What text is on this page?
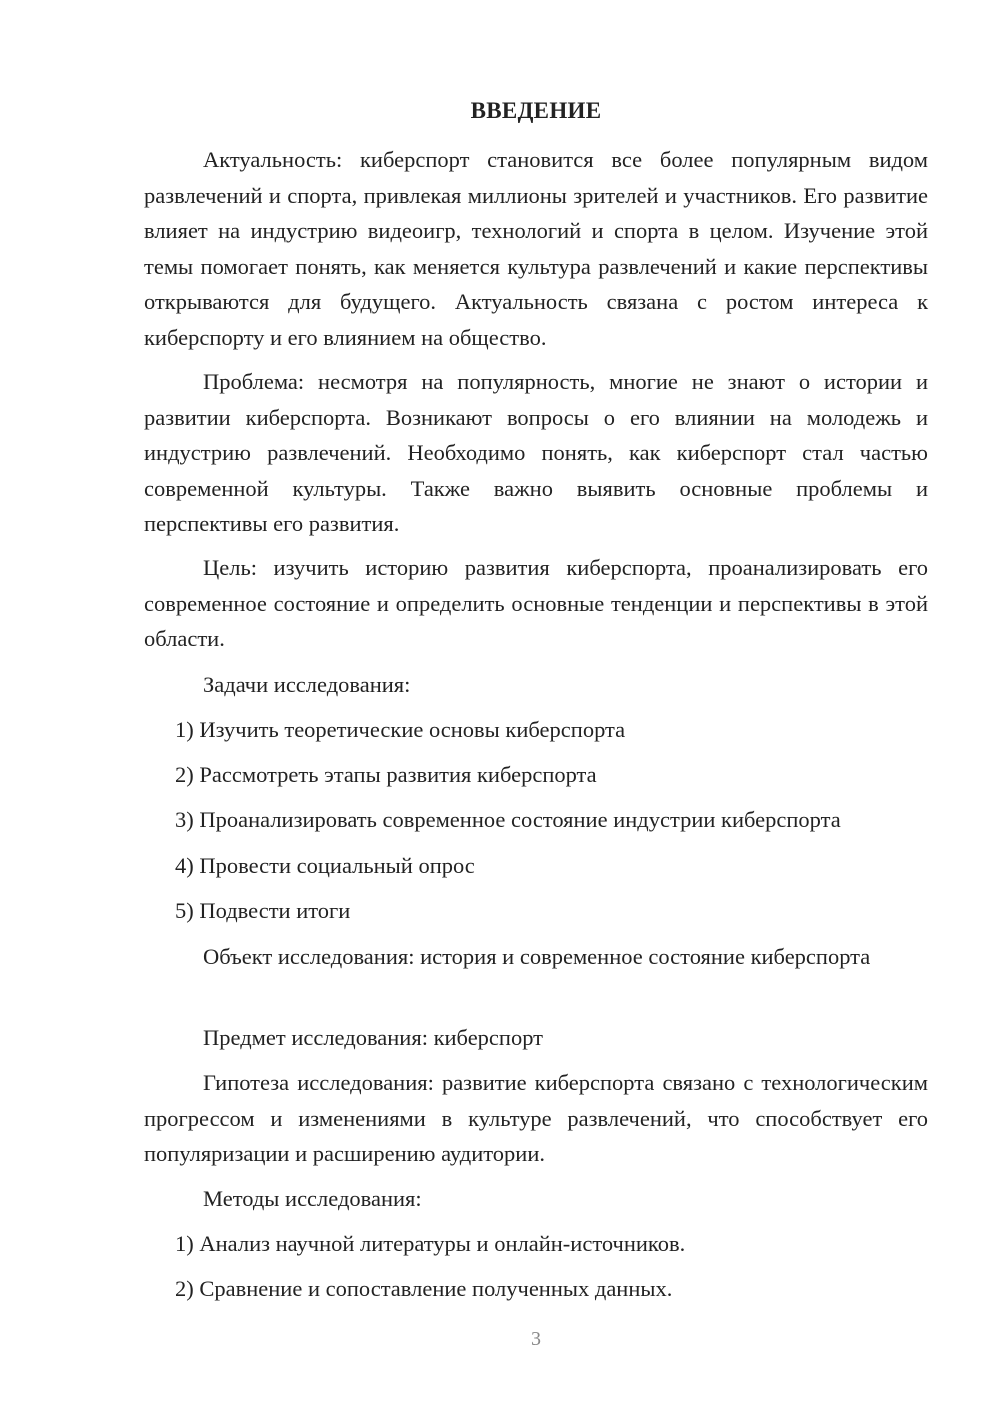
ВВЕДЕНИЕ

Актуальность: киберспорт становится все более популярным видом развлечений и спорта, привлекая миллионы зрителей и участников. Его развитие влияет на индустрию видеоигр, технологий и спорта в целом. Изучение этой темы помогает понять, как меняется культура развлечений и какие перспективы открываются для будущего. Актуальность связана с ростом интереса к киберспорту и его влиянием на общество.

Проблема: несмотря на популярность, многие не знают о истории и развитии киберспорта. Возникают вопросы о его влиянии на молодежь и индустрию развлечений. Необходимо понять, как киберспорт стал частью современной культуры. Также важно выявить основные проблемы и перспективы его развития.

Цель: изучить историю развития киберспорта, проанализировать его современное состояние и определить основные тенденции и перспективы в этой области.

Задачи исследования:

1) Изучить теоретические основы киберспорта

2) Рассмотреть этапы развития киберспорта

3) Проанализировать современное состояние индустрии киберспорта

4) Провести социальный опрос

5) Подвести итоги

Объект исследования: история и современное состояние киберспорта

Предмет исследования: киберспорт

Гипотеза исследования: развитие киберспорта связано с технологическим прогрессом и изменениями в культуре развлечений, что способствует его популяризации и расширению аудитории.

Методы исследования:

1) Анализ научной литературы и онлайн-источников.

2) Сравнение и сопоставление полученных данных.

3
